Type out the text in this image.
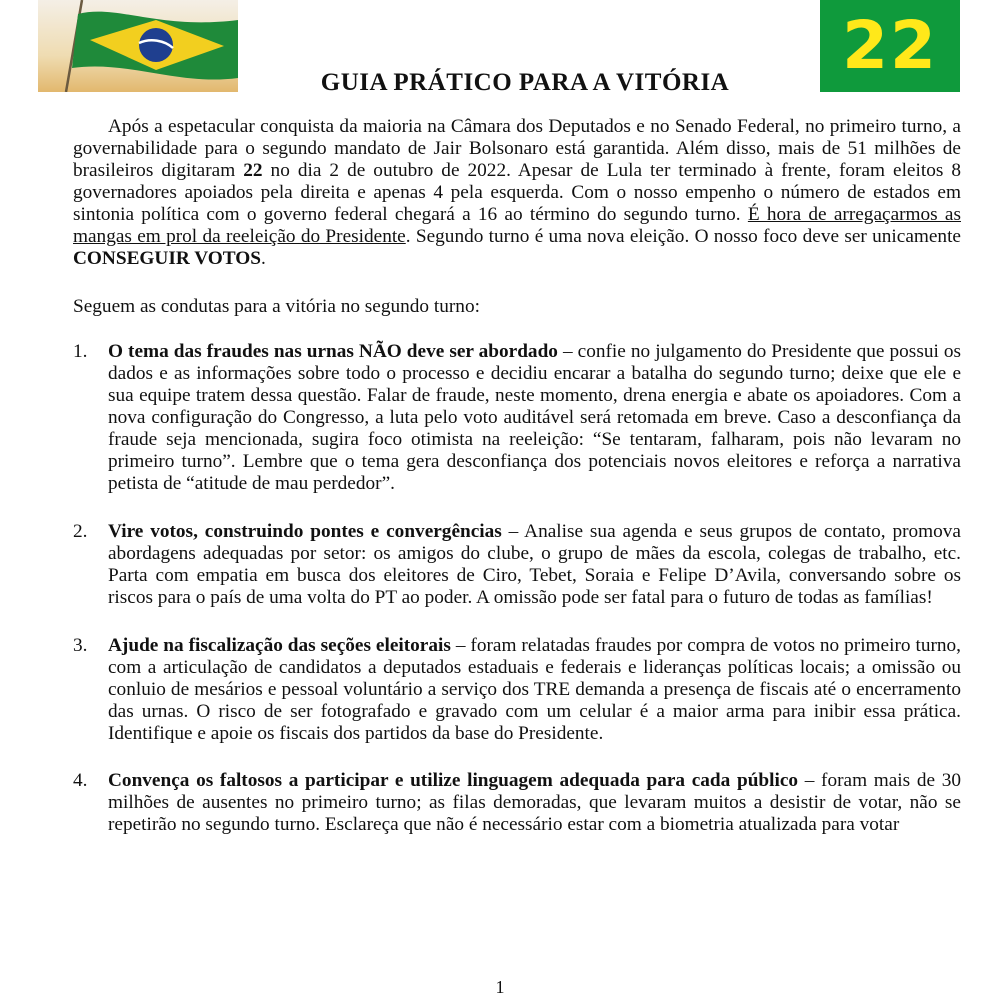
22
GUIA PRÁTICO PARA A VITÓRIA

Após a espetacular conquista da maioria na Câmara dos Deputados e no Senado Federal, no primeiro turno, a governabilidade para o segundo mandato de Jair Bolsonaro está garantida. Além disso, mais de 51 milhões de brasileiros digitaram 22 no dia 2 de outubro de 2022. Apesar de Lula ter terminado à frente, foram eleitos 8 governadores apoiados pela direita e apenas 4 pela esquerda. Com o nosso empenho o número de estados em sintonia política com o governo federal chegará a 16 ao término do segundo turno. É hora de arregaçarmos as mangas em prol da reeleição do Presidente. Segundo turno é uma nova eleição. O nosso foco deve ser unicamente CONSEGUIR VOTOS.

Seguem as condutas para a vitória no segundo turno:

1. O tema das fraudes nas urnas NÃO deve ser abordado – confie no julgamento do Presidente que possui os dados e as informações sobre todo o processo e decidiu encarar a batalha do segundo turno; deixe que ele e sua equipe tratem dessa questão. Falar de fraude, neste momento, drena energia e abate os apoiadores. Com a nova configuração do Congresso, a luta pelo voto auditável será retomada em breve. Caso a desconfiança da fraude seja mencionada, sugira foco otimista na reeleição: “Se tentaram, falharam, pois não levaram no primeiro turno”. Lembre que o tema gera desconfiança dos potenciais novos eleitores e reforça a narrativa petista de “atitude de mau perdedor”.
2. Vire votos, construindo pontes e convergências – Analise sua agenda e seus grupos de contato, promova abordagens adequadas por setor: os amigos do clube, o grupo de mães da escola, colegas de trabalho, etc. Parta com empatia em busca dos eleitores de Ciro, Tebet, Soraia e Felipe D’Avila, conversando sobre os riscos para o país de uma volta do PT ao poder. A omissão pode ser fatal para o futuro de todas as famílias!
3. Ajude na fiscalização das seções eleitorais – foram relatadas fraudes por compra de votos no primeiro turno, com a articulação de candidatos a deputados estaduais e federais e lideranças políticas locais; a omissão ou conluio de mesários e pessoal voluntário a serviço dos TRE demanda a presença de fiscais até o encerramento das urnas. O risco de ser fotografado e gravado com um celular é a maior arma para inibir essa prática. Identifique e apoie os fiscais dos partidos da base do Presidente.
4. Convença os faltosos a participar e utilize linguagem adequada para cada público – foram mais de 30 milhões de ausentes no primeiro turno; as filas demoradas, que levaram muitos a desistir de votar, não se repetirão no segundo turno. Esclareça que não é necessário estar com a biometria atualizada para votar
1
